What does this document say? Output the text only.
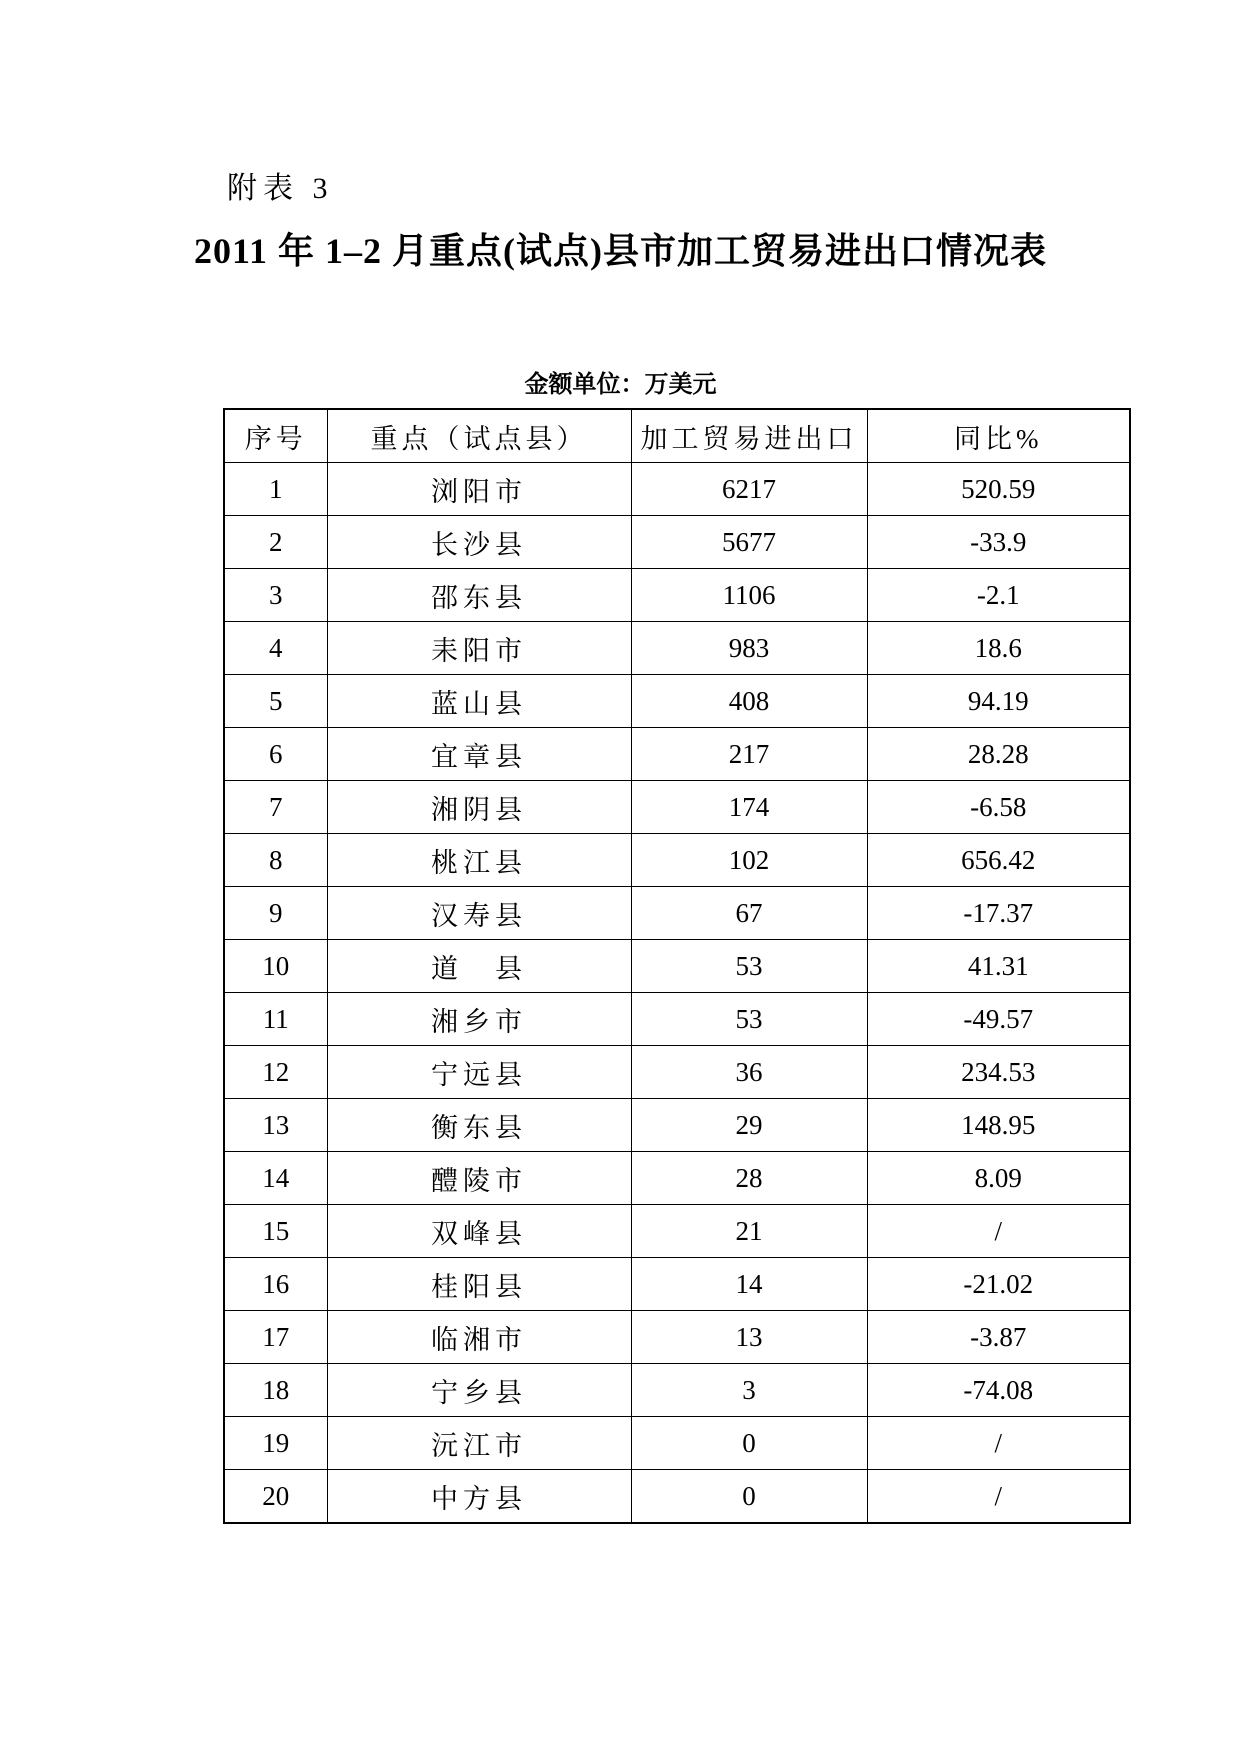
附表 3
2011 年 1–2 月重点(试点)县市加工贸易进出口情况表
金额单位：万美元
序号	重点（试点县）	加工贸易进出口	同比%
1	浏阳市	6217	520.59
2	长沙县	5677	-33.9
3	邵东县	1106	-2.1
4	耒阳市	983	18.6
5	蓝山县	408	94.19
6	宜章县	217	28.28
7	湘阴县	174	-6.58
8	桃江县	102	656.42
9	汉寿县	67	-17.37
10	道　县	53	41.31
11	湘乡市	53	-49.57
12	宁远县	36	234.53
13	衡东县	29	148.95
14	醴陵市	28	8.09
15	双峰县	21	/
16	桂阳县	14	-21.02
17	临湘市	13	-3.87
18	宁乡县	3	-74.08
19	沅江市	0	/
20	中方县	0	/
